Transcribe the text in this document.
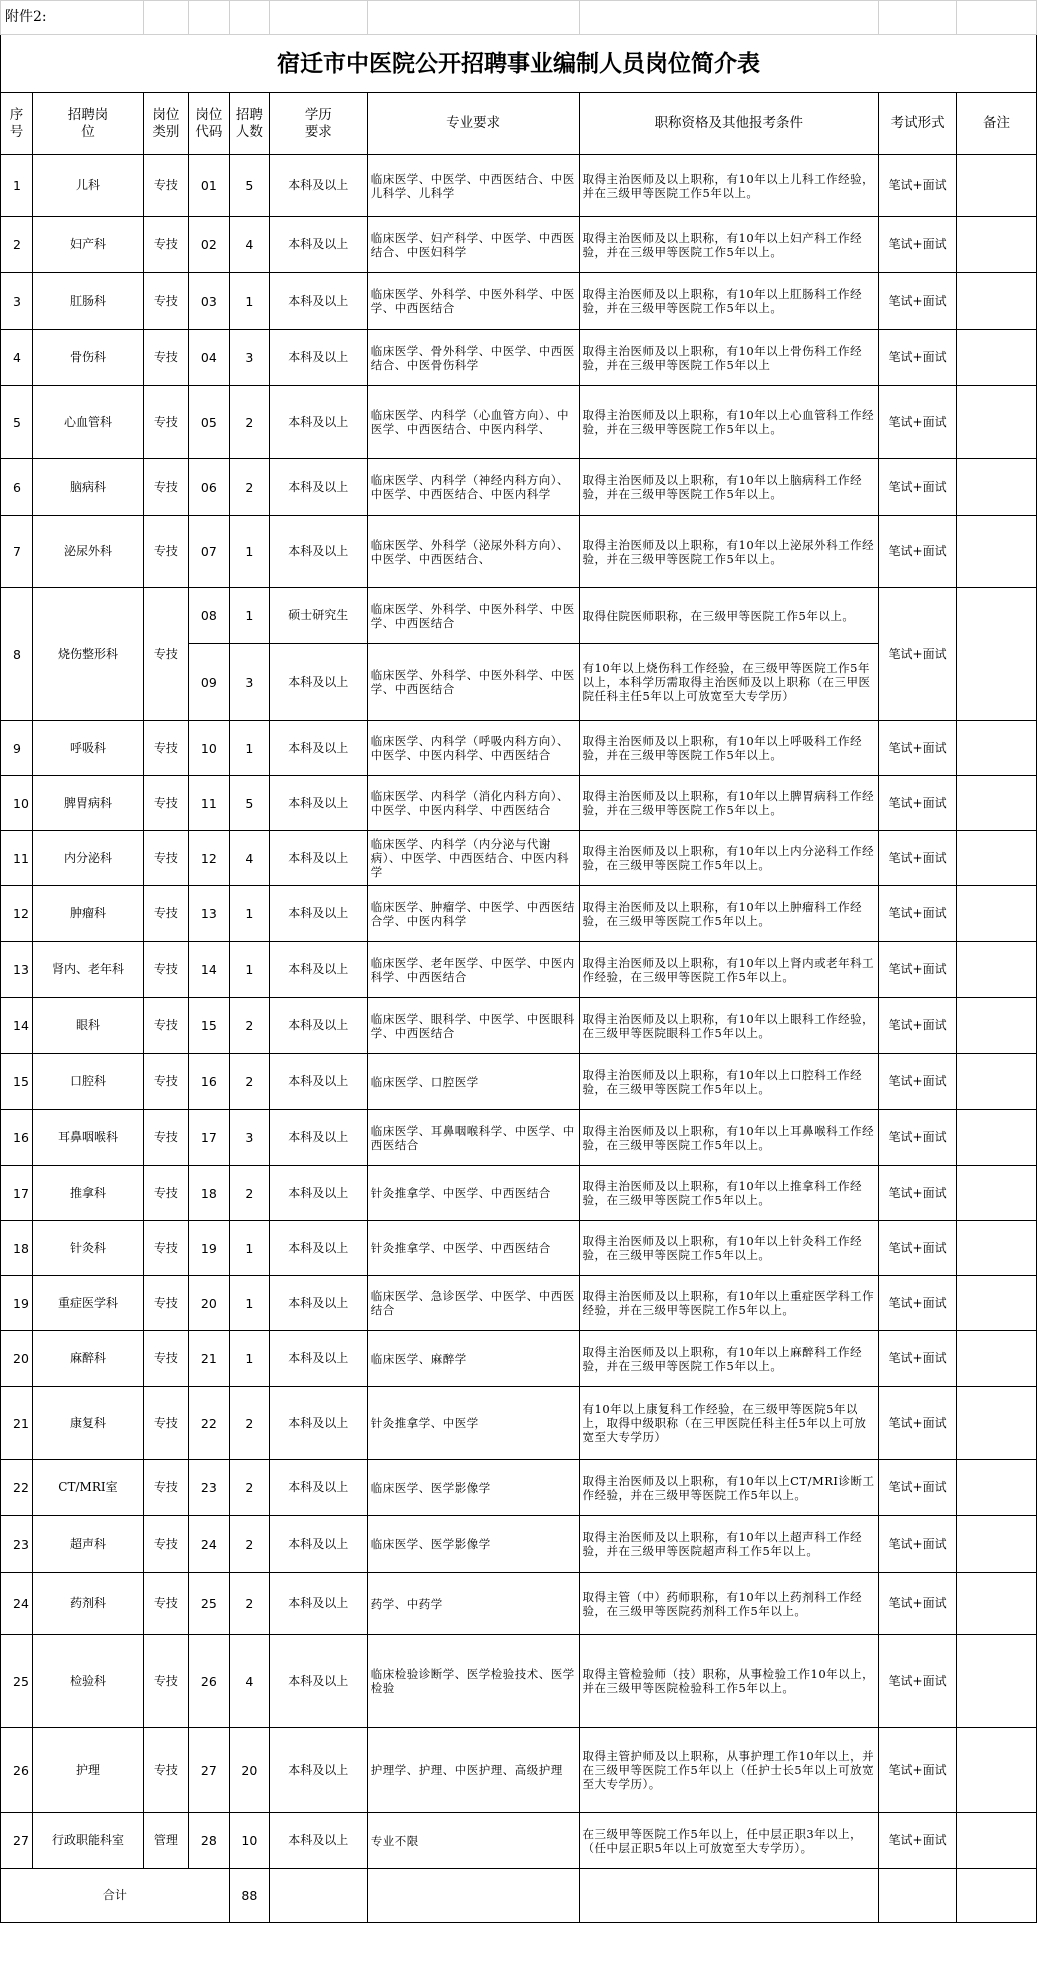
附件2:									
宿迁市中医院公开招聘事业编制人员岗位简介表									
序号	招聘岗位	岗位类别	岗位代码	招聘人数	学历要求	专业要求	职称资格及其他报考条件	考试形式	备注
1	儿科	专技	01	5	本科及以上	临床医学、中医学、中西医结合、中医儿科学、儿科学	取得主治医师及以上职称，有10年以上儿科工作经验，并在三级甲等医院工作5年以上。	笔试+面试	
2	妇产科	专技	02	4	本科及以上	临床医学、妇产科学、中医学、中西医结合、中医妇科学	取得主治医师及以上职称，有10年以上妇产科工作经验，并在三级甲等医院工作5年以上。	笔试+面试	
3	肛肠科	专技	03	1	本科及以上	临床医学、外科学、中医外科学、中医学、中西医结合	取得主治医师及以上职称，有10年以上肛肠科工作经验，并在三级甲等医院工作5年以上。	笔试+面试	
4	骨伤科	专技	04	3	本科及以上	临床医学、骨外科学、中医学、中西医结合、中医骨伤科学	取得主治医师及以上职称，有10年以上骨伤科工作经验，并在三级甲等医院工作5年以上	笔试+面试	
5	心血管科	专技	05	2	本科及以上	临床医学、内科学（心血管方向）、中医学、中西医结合、中医内科学、	取得主治医师及以上职称，有10年以上心血管科工作经验，并在三级甲等医院工作5年以上。	笔试+面试	
6	脑病科	专技	06	2	本科及以上	临床医学、内科学（神经内科方向）、中医学、中西医结合、中医内科学	取得主治医师及以上职称，有10年以上脑病科工作经验，并在三级甲等医院工作5年以上。	笔试+面试	
7	泌尿外科	专技	07	1	本科及以上	临床医学、外科学（泌尿外科方向）、中医学、中西医结合、	取得主治医师及以上职称，有10年以上泌尿外科工作经验，并在三级甲等医院工作5年以上。	笔试+面试	
8	烧伤整形科	专技	08	1	硕士研究生	临床医学、外科学、中医外科学、中医学、中西医结合	取得住院医师职称，在三级甲等医院工作5年以上。	笔试+面试	
			09	3	本科及以上	临床医学、外科学、中医外科学、中医学、中西医结合	有10年以上烧伤科工作经验，在三级甲等医院工作5年以上，本科学历需取得主治医师及以上职称（在三甲医院任科主任5年以上可放宽至大专学历）		
9	呼吸科	专技	10	1	本科及以上	临床医学、内科学（呼吸内科方向）、中医学、中医内科学、中西医结合	取得主治医师及以上职称，有10年以上呼吸科工作经验，并在三级甲等医院工作5年以上。	笔试+面试	
10	脾胃病科	专技	11	5	本科及以上	临床医学、内科学（消化内科方向）、中医学、中医内科学、中西医结合	取得主治医师及以上职称，有10年以上脾胃病科工作经验，并在三级甲等医院工作5年以上。	笔试+面试	
11	内分泌科	专技	12	4	本科及以上	临床医学、内科学（内分泌与代谢病）、中医学、中西医结合、中医内科学	取得主治医师及以上职称，有10年以上内分泌科工作经验，在三级甲等医院工作5年以上。	笔试+面试	
12	肿瘤科	专技	13	1	本科及以上	临床医学、肿瘤学、中医学、中西医结合学、中医内科学	取得主治医师及以上职称，有10年以上肿瘤科工作经验，在三级甲等医院工作5年以上。	笔试+面试	
13	肾内、老年科	专技	14	1	本科及以上	临床医学、老年医学、中医学、中医内科学、中西医结合	取得主治医师及以上职称，有10年以上肾内或老年科工作经验，在三级甲等医院工作5年以上。	笔试+面试	
14	眼科	专技	15	2	本科及以上	临床医学、眼科学、中医学、中医眼科学、中西医结合	取得主治医师及以上职称，有10年以上眼科工作经验，在三级甲等医院眼科工作5年以上。	笔试+面试	
15	口腔科	专技	16	2	本科及以上	临床医学、口腔医学	取得主治医师及以上职称，有10年以上口腔科工作经验，在三级甲等医院工作5年以上。	笔试+面试	
16	耳鼻咽喉科	专技	17	3	本科及以上	临床医学、耳鼻咽喉科学、中医学、中西医结合	取得主治医师及以上职称，有10年以上耳鼻喉科工作经验，在三级甲等医院工作5年以上。	笔试+面试	
17	推拿科	专技	18	2	本科及以上	针灸推拿学、中医学、中西医结合	取得主治医师及以上职称，有10年以上推拿科工作经验，在三级甲等医院工作5年以上。	笔试+面试	
18	针灸科	专技	19	1	本科及以上	针灸推拿学、中医学、中西医结合	取得主治医师及以上职称，有10年以上针灸科工作经验，在三级甲等医院工作5年以上。	笔试+面试	
19	重症医学科	专技	20	1	本科及以上	临床医学、急诊医学、中医学、中西医结合	取得主治医师及以上职称，有10年以上重症医学科工作经验，并在三级甲等医院工作5年以上。	笔试+面试	
20	麻醉科	专技	21	1	本科及以上	临床医学、麻醉学	取得主治医师及以上职称，有10年以上麻醉科工作经验，并在三级甲等医院工作5年以上。	笔试+面试	
21	康复科	专技	22	2	本科及以上	针灸推拿学、中医学	有10年以上康复科工作经验，在三级甲等医院5年以上，取得中级职称（在三甲医院任科主任5年以上可放宽至大专学历）	笔试+面试	
22	CT/MRI室	专技	23	2	本科及以上	临床医学、医学影像学	取得主治医师及以上职称，有10年以上CT/MRI诊断工作经验，并在三级甲等医院工作5年以上。	笔试+面试	
23	超声科	专技	24	2	本科及以上	临床医学、医学影像学	取得主治医师及以上职称，有10年以上超声科工作经验，并在三级甲等医院超声科工作5年以上。	笔试+面试	
24	药剂科	专技	25	2	本科及以上	药学、中药学	取得主管（中）药师职称，有10年以上药剂科工作经验，在三级甲等医院药剂科工作5年以上。	笔试+面试	
25	检验科	专技	26	4	本科及以上	临床检验诊断学、医学检验技术、医学检验	取得主管检验师（技）职称，从事检验工作10年以上，并在三级甲等医院检验科工作5年以上。	笔试+面试	
26	护理	专技	27	20	本科及以上	护理学、护理、中医护理、高级护理	取得主管护师及以上职称，从事护理工作10年以上，并在三级甲等医院工作5年以上（任护士长5年以上可放宽至大专学历）。	笔试+面试	
27	行政职能科室	管理	28	10	本科及以上	专业不限	在三级甲等医院工作5年以上，任中层正职3年以上，（任中层正职5年以上可放宽至大专学历）。	笔试+面试	
合计				88					
